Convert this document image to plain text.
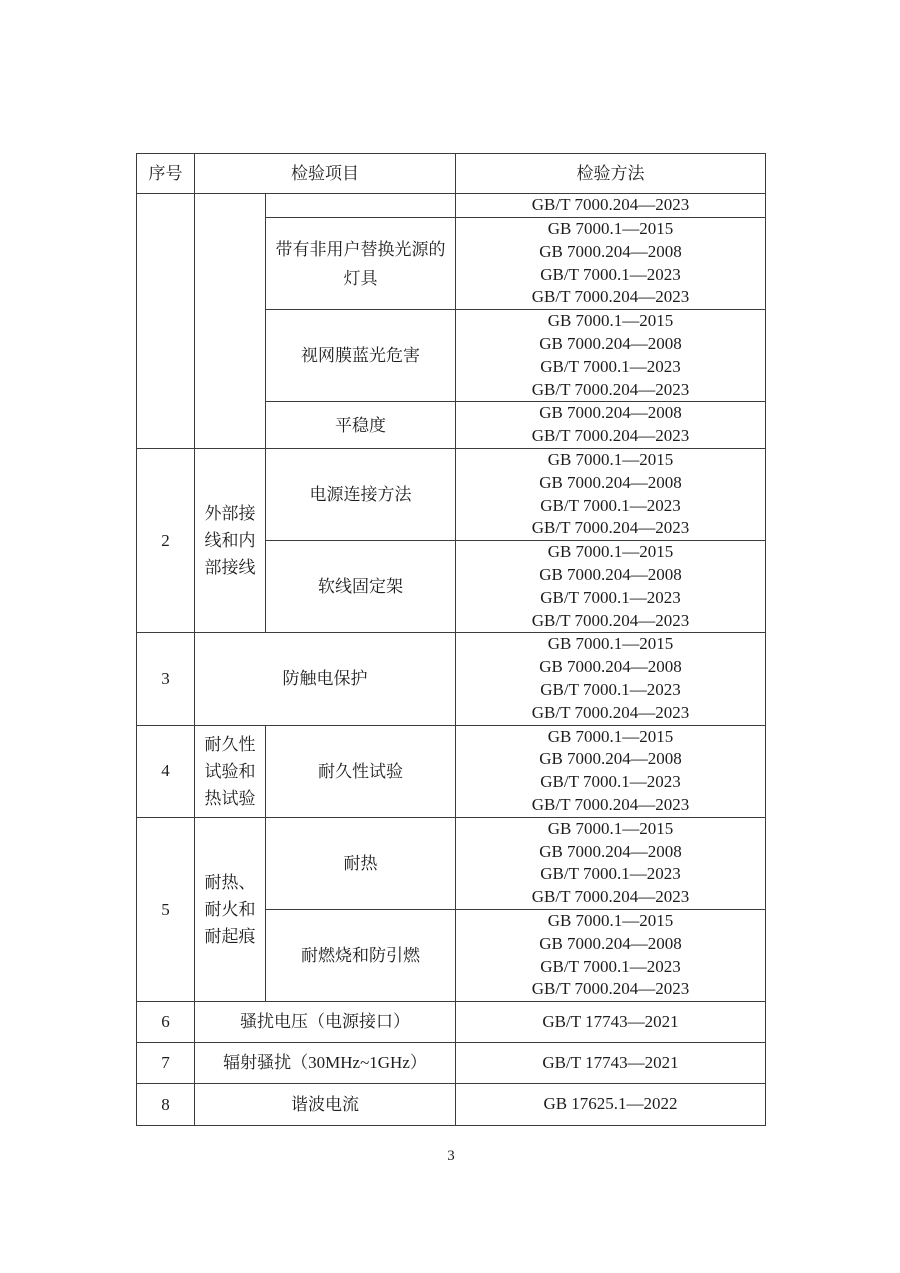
序号	检验项目		检验方法

			GB/T 7000.204—2023

		带有非用户替换光源的灯具	GB 7000.1—2015
GB 7000.204—2008
GB/T 7000.1—2023
GB/T 7000.204—2023

		视网膜蓝光危害	GB 7000.1—2015
GB 7000.204—2008
GB/T 7000.1—2023
GB/T 7000.204—2023

		平稳度	GB 7000.204—2008
GB/T 7000.204—2023

2	外部接线和内部接线	电源连接方法	GB 7000.1—2015
GB 7000.204—2008
GB/T 7000.1—2023
GB/T 7000.204—2023

		软线固定架	GB 7000.1—2015
GB 7000.204—2008
GB/T 7000.1—2023
GB/T 7000.204—2023

3	防触电保护		GB 7000.1—2015
GB 7000.204—2008
GB/T 7000.1—2023
GB/T 7000.204—2023

4	耐久性试验和热试验	耐久性试验	GB 7000.1—2015
GB 7000.204—2008
GB/T 7000.1—2023
GB/T 7000.204—2023

5	耐热、耐火和耐起痕	耐热	GB 7000.1—2015
GB 7000.204—2008
GB/T 7000.1—2023
GB/T 7000.204—2023

		耐燃烧和防引燃	GB 7000.1—2015
GB 7000.204—2008
GB/T 7000.1—2023
GB/T 7000.204—2023

6	骚扰电压（电源接口）		GB/T 17743—2021

7	辐射骚扰（30MHz~1GHz）		GB/T 17743—2021

8	谐波电流		GB 17625.1—2022
3
